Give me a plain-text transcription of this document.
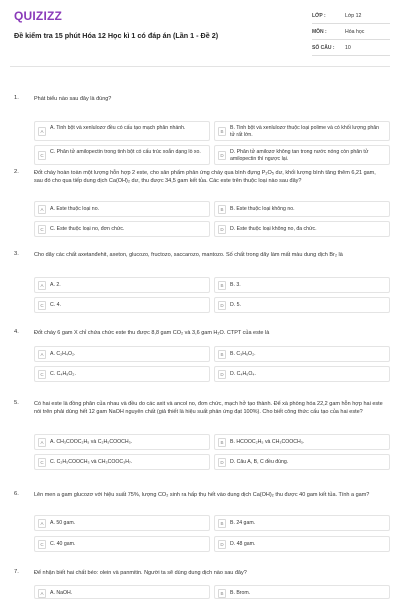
QUIZIZZ
Đề kiểm tra 15 phút Hóa 12 Học kì 1 có đáp án (Lần 1 - Đề 2)
LỚP :	Lớp 12
MÔN :	Hóa học
SỐ CÂU :	10
1.	Phát biểu nào sau đây là đúng?
A
A. Tinh bột và xenlulozơ đều có cấu tạo mạch phân nhánh.
B
B. Tinh bột và xenlulozơ thuộc loại polime và có khối lượng phân tử rất lớn.
C
C. Phân tử amilopectin trong tinh bột có cấu trúc xoắn dạng lò xo.
D
D. Phân tử amilozơ không tan trong nước nóng còn phân tử amilopectin thì ngược lại.
2.	Đốt cháy hoàn toàn một lượng hỗn hợp 2 este, cho sản phẩm phản ứng cháy qua bình đựng P₂O₅ dư, khối lượng bình tăng thêm 6,21 gam, sau đó cho qua tiếp dung dịch Ca(OH)₂ dư, thu được 34,5 gam kết tủa. Các este trên thuộc loại nào sau đây?
A	A. Este thuộc loại no.	B	B. Este thuộc loại không no.
C	C. Este thuộc loại no, đơn chức.	D	D. Este thuộc loại không no, đa chức.
3.	Cho dãy các chất axetanđehit, axeton, glucozo, fructozo, saccarozo, mantozo. Số chất trong dãy làm mất màu dung dịch Br₂ là
A	A. 2.	B	B. 3.
C	C. 4.	D	D. 5.
4.	Đốt cháy 6 gam X chỉ chứa chức este thu được 8,8 gam CO₂ và 3,6 gam H₂O. CTPT của este là
A	A. C₂H₄O₂.	B	B. C₃H₆O₂.
C	C. C₄H₈O₂.	D	D. C₄H₆O₄.
5.	Có hai este là đồng phân của nhau và đều do các axit và ancol no, đơn chức, mạch hở tạo thành. Để xà phòng hóa 22,2 gam hỗn hợp hai este nói trên phải dùng hết 12 gam NaOH nguyên chất (giả thiết là hiệu suất phản ứng đạt 100%). Cho biết công thức cấu tạo của hai este?
A	A. CH₃COOC₂H₅ và C₂H₅COOCH₃.	B	B. HCOOC₂H₅ và CH₃COOCH₃.
C	C. C₂H₅COOCH₃ và CH₃COOC₃H₇.	D	D. Câu A, B, C đều đúng.
6.	Lên men a gam glucozơ với hiệu suất 75%, lượng CO₂ sinh ra hấp thụ hết vào dung dịch Ca(OH)₂ thu được 40 gam kết tủa. Tính a gam?
A	A. 50 gam.	B	B. 24 gam.
C	C. 40 gam.	D	D. 48 gam.
7.	Để nhận biết hai chất béo: olein và panmitin. Người ta sẽ dùng dung dịch nào sau đây?
A	A. NaOH.	B	B. Brom.
